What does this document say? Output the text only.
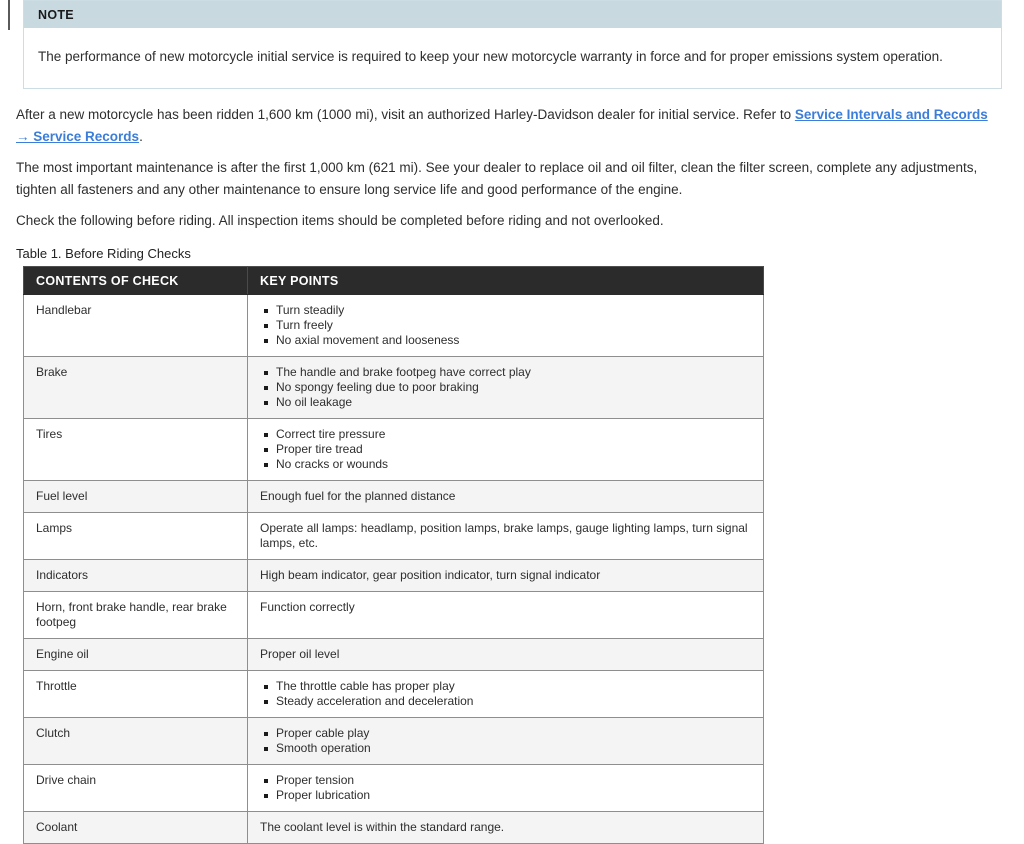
NOTE
The performance of new motorcycle initial service is required to keep your new motorcycle warranty in force and for proper emissions system operation.

After a new motorcycle has been ridden 1,600 km (1000 mi), visit an authorized Harley-Davidson dealer for initial service. Refer to Service Intervals and Records → Service Records.

The most important maintenance is after the first 1,000 km (621 mi). See your dealer to replace oil and oil filter, clean the filter screen, complete any adjustments, tighten all fasteners and any other maintenance to ensure long service life and good performance of the engine.

Check the following before riding. All inspection items should be completed before riding and not overlooked.

Table 1. Before Riding Checks
CONTENTS OF CHECK	KEY POINTS
Handlebar	Turn steadily
Turn freely
No axial movement and looseness

Brake	The handle and brake footpeg have correct play
No spongy feeling due to poor braking
No oil leakage

Tires	Correct tire pressure
Proper tire tread
No cracks or wounds

Fuel level	Enough fuel for the planned distance
Lamps	Operate all lamps: headlamp, position lamps, brake lamps, gauge lighting lamps, turn signal lamps, etc.
Indicators	High beam indicator, gear position indicator, turn signal indicator
Horn, front brake handle, rear brake footpeg	Function correctly
Engine oil	Proper oil level
Throttle	The throttle cable has proper play
Steady acceleration and deceleration

Clutch	Proper cable play
Smooth operation

Drive chain	Proper tension
Proper lubrication

Coolant	The coolant level is within the standard range.
